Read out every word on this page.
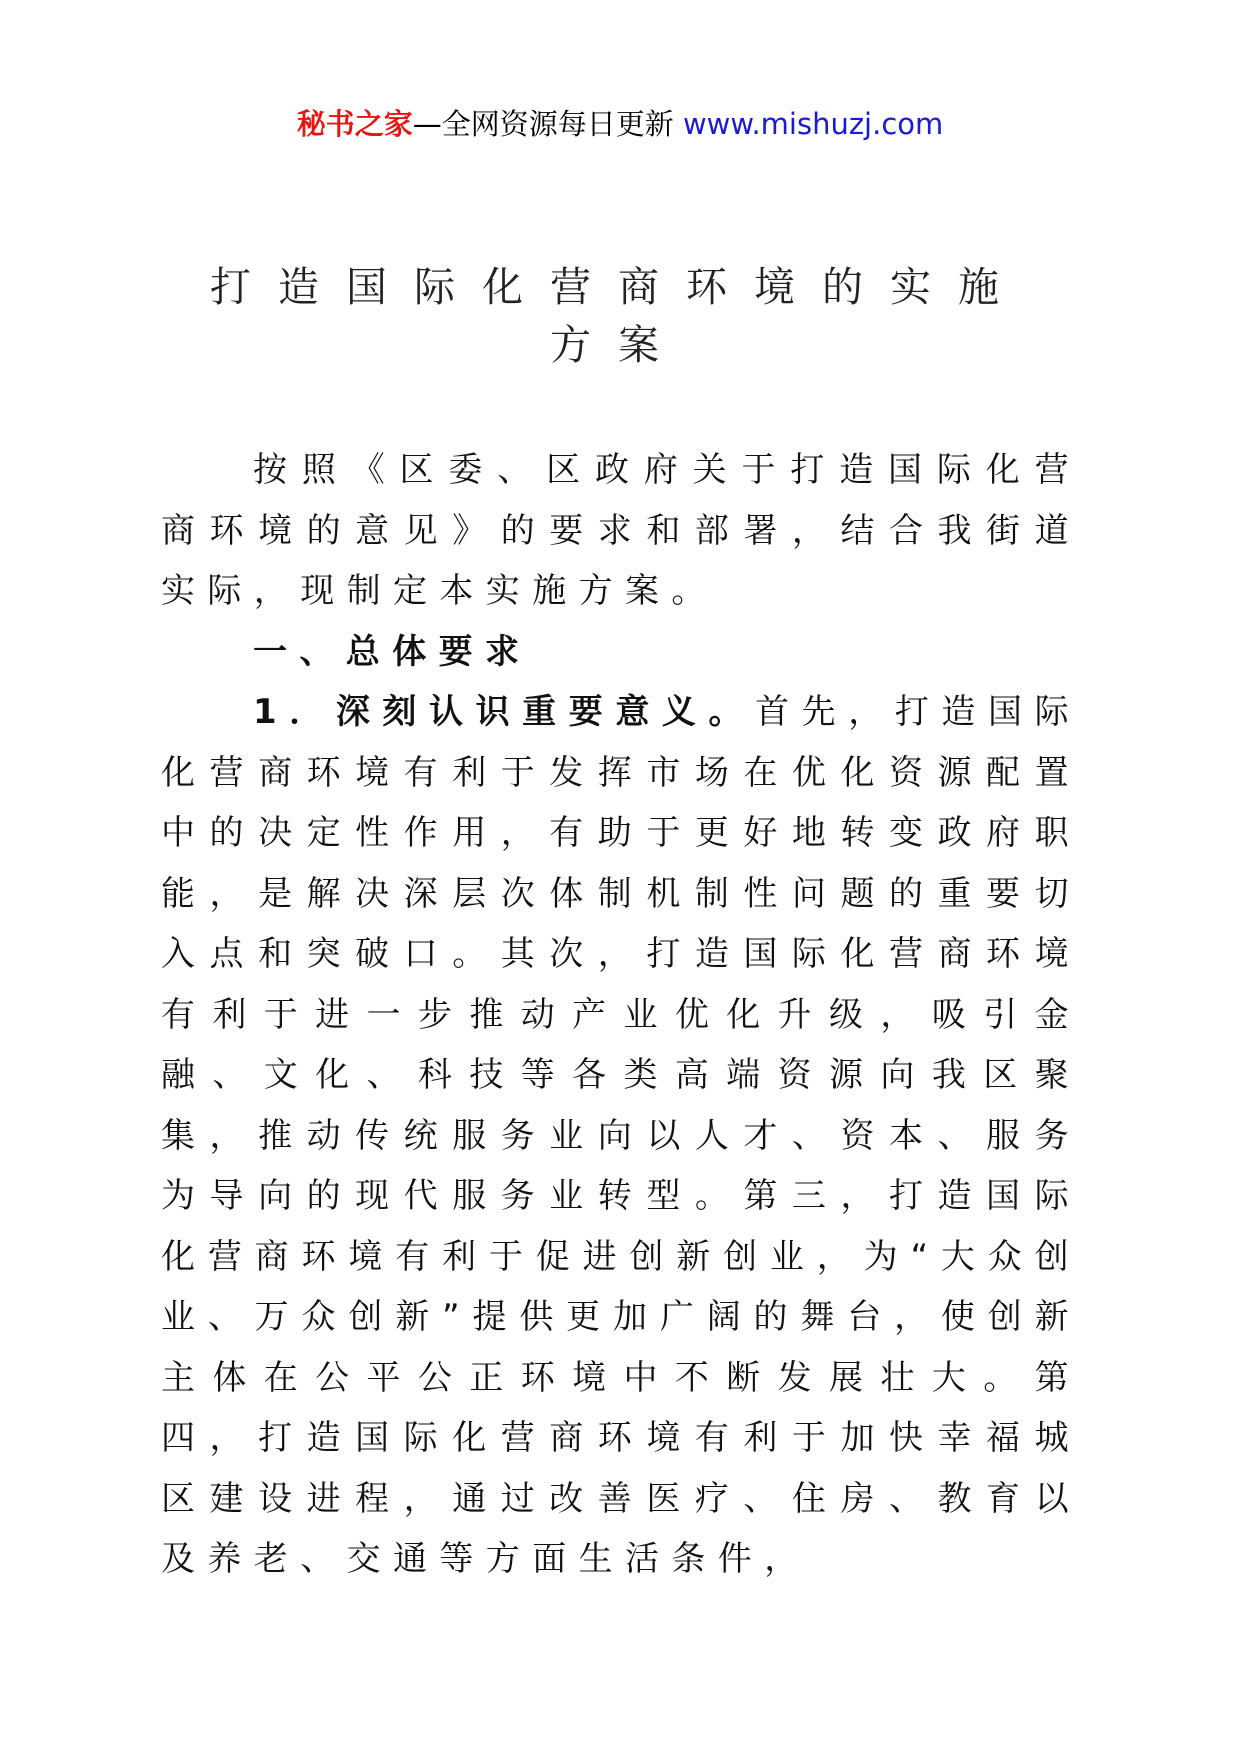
秘书之家—全网资源每日更新 www.mishuzj.com
打造国际化营商环境的实施方案

按照《区委、区政府关于打造国际化营商环境的意见》的要求和部署，结合我街道实际，现制定本实施方案。

一、总体要求

1．深刻认识重要意义。首先，打造国际化营商环境有利于发挥市场在优化资源配置中的决定性作用，有助于更好地转变政府职能，是解决深层次体制机制性问题的重要切入点和突破口。其次，打造国际化营商环境有利于进一步推动产业优化升级，吸引金融、文化、科技等各类高端资源向我区聚集，推动传统服务业向以人才、资本、服务为导向的现代服务业转型。第三，打造国际化营商环境有利于促进创新创业，为“大众创业、万众创新”提供更加广阔的舞台，使创新主体在公平公正环境中不断发展壮大。第四，打造国际化营商环境有利于加快幸福城区建设进程，通过改善医疗、住房、教育以及养老、交通等方面生活条件，
